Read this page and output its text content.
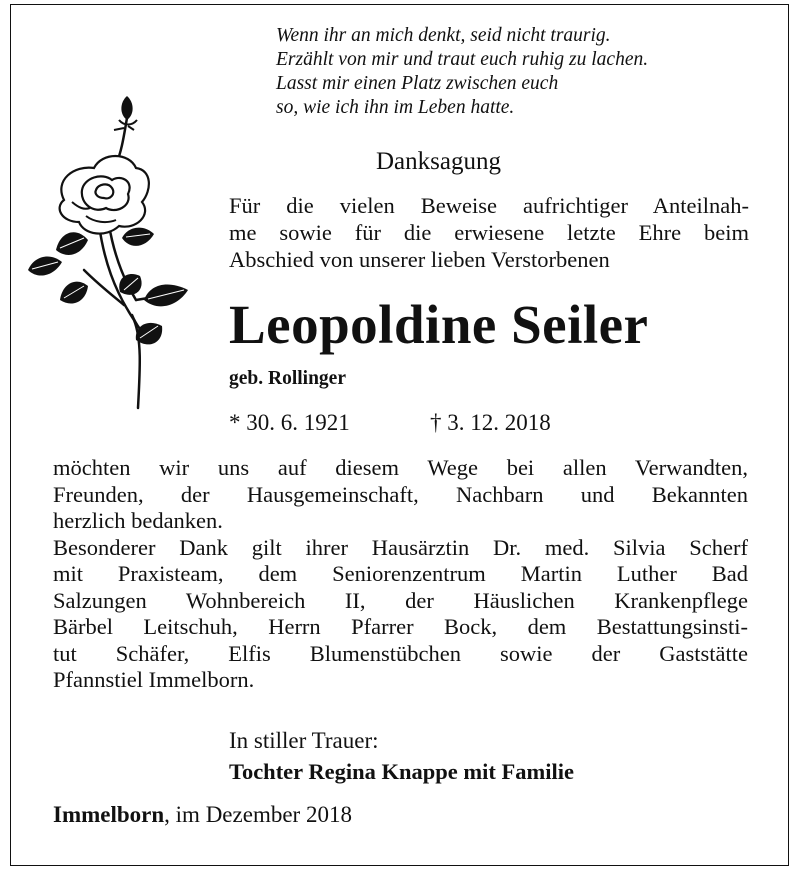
Wenn ihr an mich denkt, seid nicht traurig.
Erzählt von mir und traut euch ruhig zu lachen.
Lasst mir einen Platz zwischen euch
so, wie ich ihn im Leben hatte.
Danksagung
Für die vielen Beweise aufrichtiger Anteilnah-
me sowie für die erwiesene letzte Ehre beim
Abschied von unserer lieben Verstorbenen
Leopoldine Seiler
geb. Rollinger
* 30. 6. 1921	† 3. 12. 2018
möchten wir uns auf diesem Wege bei allen Verwandten,
Freunden, der Hausgemeinschaft, Nachbarn und Bekannten
herzlich bedanken.
Besonderer Dank gilt ihrer Hausärztin Dr. med. Silvia Scherf
mit Praxisteam, dem Seniorenzentrum Martin Luther Bad
Salzungen Wohnbereich II, der Häuslichen Krankenpflege
Bärbel Leitschuh, Herrn Pfarrer Bock, dem Bestattungsinsti-
tut Schäfer, Elfis Blumenstübchen sowie der Gaststätte
Pfannstiel Immelborn.
In stiller Trauer:
Tochter Regina Knappe mit Familie
Immelborn, im Dezember 2018
